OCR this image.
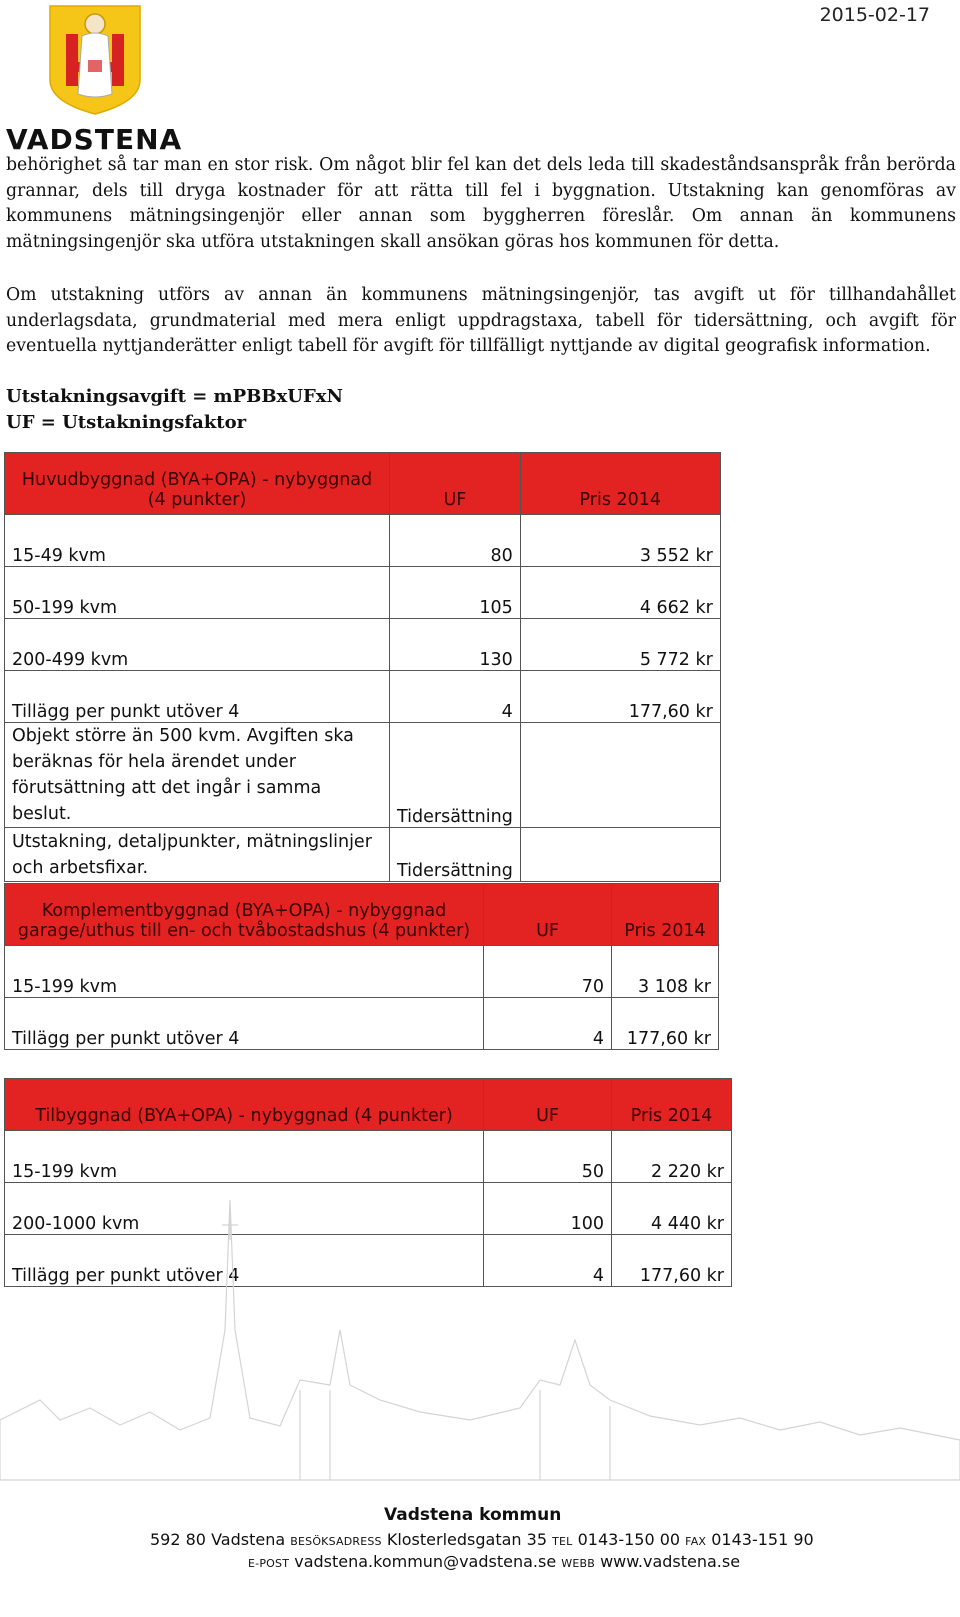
2015-02-17
VADSTENA
behörighet så tar man en stor risk. Om något blir fel kan det dels leda till skadeståndsanspråk från berörda grannar, dels till dryga kostnader för att rätta till fel i byggnation. Utstakning kan genomföras av kommunens mätningsingenjör eller annan som byggherren föreslår. Om annan än kommunens mätningsingenjör ska utföra utstakningen skall ansökan göras hos kommunen för detta.
Om utstakning utförs av annan än kommunens mätningsingenjör, tas avgift ut för tillhandahållet underlagsdata, grundmaterial med mera enligt uppdragstaxa, tabell för tidersättning, och avgift för eventuella nyttjanderätter enligt tabell för avgift för tillfälligt nyttjande av digital geografisk information.
Utstakningsavgift = mPBBxUFxN
UF = Utstakningsfaktor
Huvudbyggnad (BYA+OPA) - nybyggnad (4 punkter)	UF	Pris 2014
15-49 kvm	80	3 552 kr
50-199 kvm	105	4 662 kr
200-499 kvm	130	5 772 kr
Tillägg per punkt utöver 4	4	177,60 kr
Objekt större än 500 kvm. Avgiften ska beräknas för hela ärendet under förutsättning att det ingår i samma beslut.	Tidersättning	
Utstakning, detaljpunkter, mätningslinjer och arbetsfixar.	Tidersättning	
Komplementbyggnad (BYA+OPA) - nybyggnad garage/uthus till en- och tvåbostadshus (4 punkter)	UF	Pris 2014
15-199 kvm	70	3 108 kr
Tillägg per punkt utöver 4	4	177,60 kr
Tilbyggnad (BYA+OPA) - nybyggnad (4 punkter)	UF	Pris 2014
15-199 kvm	50	2 220 kr
200-1000 kvm	100	4 440 kr
Tillägg per punkt utöver 4	4	177,60 kr
Vadstena kommun
592 80 Vadstena BESÖKSADRESS Klosterledsgatan 35 TEL 0143-150 00 FAX 0143-151 90
E-POST vadstena.kommun@vadstena.se WEBB www.vadstena.se
